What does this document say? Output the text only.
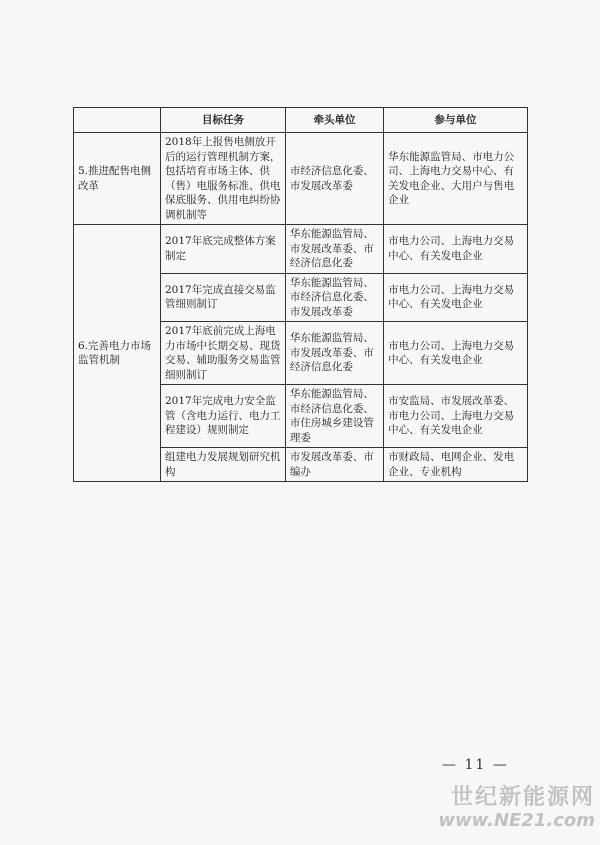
	目标任务	牵头单位	参与单位
5.推进配售电侧改革	2018年上报售电侧放开后的运行管理机制方案，包括培育市场主体、供（售）电服务标准、供电保底服务、供用电纠纷协调机制等	市经济信息化委、市发展改革委	华东能源监管局、市电力公司、上海电力交易中心、有关发电企业、大用户与售电企业
6.完善电力市场监管机制	2017年底完成整体方案制定	华东能源监管局、市发展改革委、市经济信息化委	市电力公司、上海电力交易中心、有关发电企业
	2017年完成直接交易监管细则制订	华东能源监管局、市经济信息化委、市发展改革委	市电力公司、上海电力交易中心、有关发电企业
	2017年底前完成上海电力市场中长期交易、现货交易、辅助服务交易监管细则制订	华东能源监管局、市发展改革委、市经济信息化委	市电力公司、上海电力交易中心、有关发电企业
	2017年完成电力安全监管（含电力运行、电力工程建设）规则制定	华东能源监管局、市经济信息化委、市住房城乡建设管理委	市安监局、市发展改革委、市电力公司、上海电力交易中心、有关发电企业
	组建电力发展规划研究机构	市发展改革委、市编办	市财政局、电网企业、发电企业、专业机构
— 11 —
世纪新能源网
www.NE21.com
